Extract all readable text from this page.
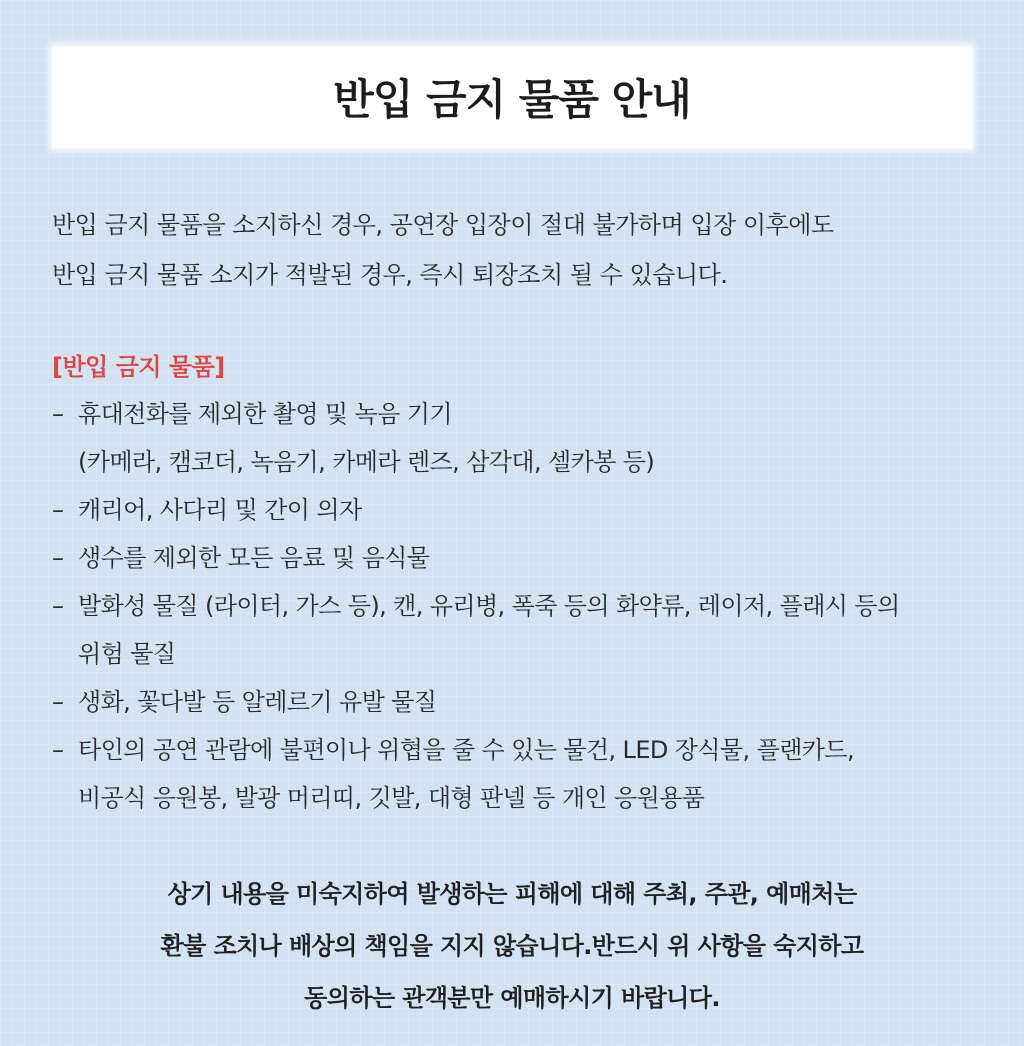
반입 금지 물품 안내

반입 금지 물품을 소지하신 경우, 공연장 입장이 절대 불가하며 입장 이후에도

반입 금지 물품 소지가 적발된 경우, 즉시 퇴장조치 될 수 있습니다.

[반입 금지 물품]
– 휴대전화를 제외한 촬영 및 녹음 기기
(카메라, 캠코더, 녹음기, 카메라 렌즈, 삼각대, 셀카봉 등)
– 캐리어, 사다리 및 간이 의자
– 생수를 제외한 모든 음료 및 음식물
– 발화성 물질 (라이터, 가스 등), 캔, 유리병, 폭죽 등의 화약류, 레이저, 플래시 등의
위험 물질
– 생화, 꽃다발 등 알레르기 유발 물질
– 타인의 공연 관람에 불편이나 위협을 줄 수 있는 물건, LED 장식물, 플랜카드,
비공식 응원봉, 발광 머리띠, 깃발, 대형 판넬 등 개인 응원용품

상기 내용을 미숙지하여 발생하는 피해에 대해 주최, 주관, 예매처는

환불 조치나 배상의 책임을 지지 않습니다.반드시 위 사항을 숙지하고

동의하는 관객분만 예매하시기 바랍니다.
